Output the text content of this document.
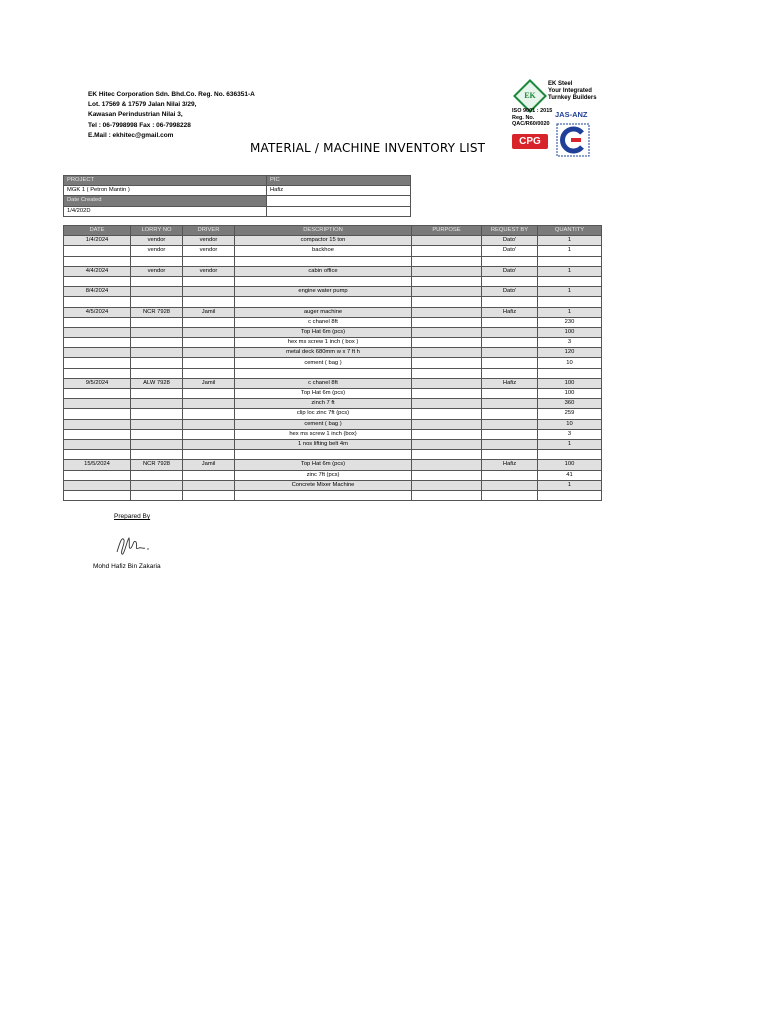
EK Hitec Corporation Sdn. Bhd.Co. Reg. No. 636351-A
Lot. 17569 & 17579 Jalan Nilai 3/29,
Kawasan Perindustrian Nilai 3,
Tel : 06-7998998 Fax : 06-7998228
E.Mail : ekhitec@gmail.com
EK
EK Steel
Your Integrated
Turnkey Builders
ISO 9001 : 2015
Reg. No.
QAC/R60/0020
JAS-ANZ
CPG
MATERIAL / MACHINE INVENTORY LIST
PROJECT	PIC
MGK 1 ( Petron Mantin )	Hafiz
Date Created	
1/4/202D	
DATE	LORRY NO	DRIVER	DESCRIPTION	PURPOSE	REQUEST BY	QUANTITY
1/4/2024	vendor	vendor	compactor 15 ton		Dato'	1
	vendor	vendor	backhoe		Dato'	1

4/4/2024	vendor	vendor	cabin office		Dato'	1

8/4/2024			engine water pump		Dato'	1

4/5/2024	NCR 7928	Jamil	auger machine		Hafiz	1
			c chanel 8ft			230
			Top Hat 6m (pcs)			100
			hex ms screw 1 inch ( box )			3
			metal deck 680mm w x 7 ft h			120
			cement ( bag )			10

9/5/2024	ALW 7928	Jamil	c chanel 8ft		Hafiz	100
			Top Hat 6m (pcs)			100
			zinch 7 ft			360
			clip loc zinc 7ft (pcs)			259
			cement ( bag )			10
			hex ms screw 1 inch (box)			3
			1 nos lifting belt 4m			1

15/5/2024	NCR 7928	Jamil	Top Hat 6m (pcs)		Hafiz	100
			zinc 7ft (pcs)			41
			Concrete Mixer Machine			1

Prepared By
Mohd Hafiz Bin Zakaria
